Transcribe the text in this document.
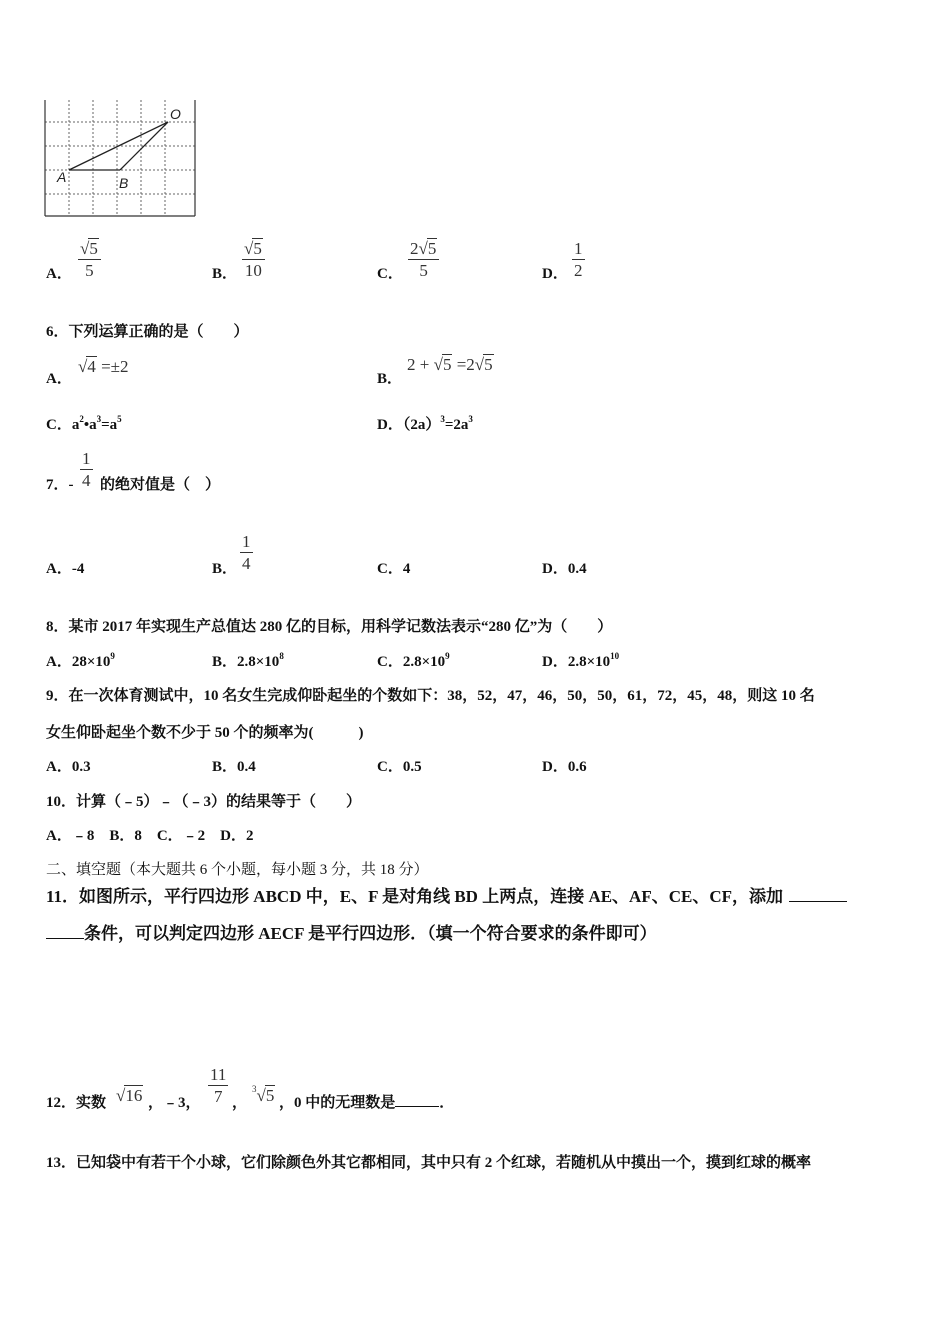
O
A	B
A．
√5
5	B．
√5
10	C．
2√5
5	D．
1
2
6．下列运算正确的是（　　）
A．
√4 =±2
B．
2 + √5 =2√5
C．$a^2•a^3=a^5$	D．$(2a)^3=2a^3$
7．-
1
4 的绝对值是（　）
A．-4	B．
1
4	C．4	D．0.4
8．某市 2017 年实现生产总值达 280 亿的目标，用科学记数法表示“280 亿”为（　　）
A．$28\times 10^9$	B．$2.8\times 10^8$	C．$2.8\times 10^9$	D．$2.8\times 10^{10}$
9．在一次体育测试中，10 名女生完成仰卧起坐的个数如下：38，52，47，46，50，50，61，72，45，48，则这 10 名
女生仰卧起坐个数不少于 50 个的频率为(　　　)
A．0.3	B．0.4	C．0.5	D．0.6
10．计算（﹣5）﹣（﹣3）的结果等于（　　）
A．﹣8　B．8　C．﹣2　D．2
二、填空题（本大题共 6 个小题，每小题 3 分，共 18 分）
11．如图所示，平行四边形 ABCD 中，E、F 是对角线 BD 上两点，连接 AE、AF、CE、CF，添加
条件，可以判定四边形 AECF 是平行四边形．（填一个符合要求的条件即可）
12．实数 √16 ，﹣3，
11
7 ，
$^3$√5 ，0 中的无理数是	．
13．已知袋中有若干个小球，它们除颜色外其它都相同，其中只有 2 个红球，若随机从中摸出一个，摸到红球的概率
